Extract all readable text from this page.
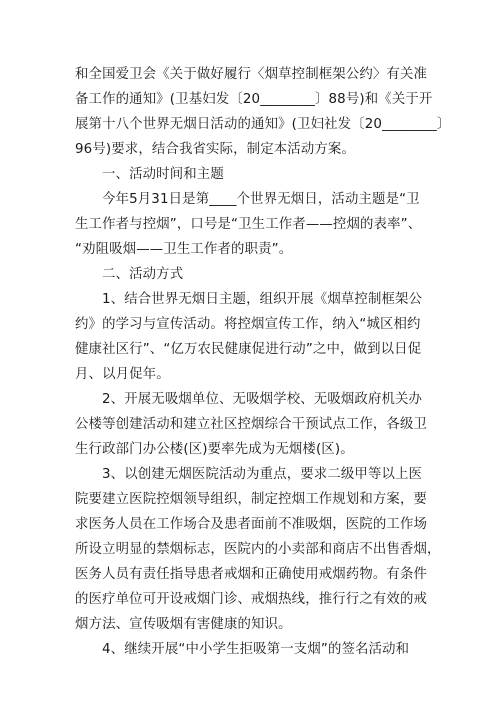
和全国爱卫会《关于做好履行〈烟草控制框架公约〉有关准
备工作的通知》(卫基妇发〔20________〕88号)和《关于开
展第十八个世界无烟日活动的通知》(卫妇社发〔20________〕
96号)要求，结合我省实际，制定本活动方案。
一、活动时间和主题
今年5月31日是第____个世界无烟日，活动主题是“卫
生工作者与控烟”，口号是“卫生工作者——控烟的表率”、
“劝阻吸烟——卫生工作者的职责”。
二、活动方式
1、结合世界无烟日主题，组织开展《烟草控制框架公
约》的学习与宣传活动。将控烟宣传工作，纳入“城区相约
健康社区行”、“亿万农民健康促进行动”之中，做到以日促
月、以月促年。
2、开展无吸烟单位、无吸烟学校、无吸烟政府机关办
公楼等创建活动和建立社区控烟综合干预试点工作，各级卫
生行政部门办公楼(区)要率先成为无烟楼(区)。
3、以创建无烟医院活动为重点，要求二级甲等以上医
院要建立医院控烟领导组织，制定控烟工作规划和方案，要
求医务人员在工作场合及患者面前不准吸烟，医院的工作场
所设立明显的禁烟标志，医院内的小卖部和商店不出售香烟，
医务人员有责任指导患者戒烟和正确使用戒烟药物。有条件
的医疗单位可开设戒烟门诊、戒烟热线，推行行之有效的戒
烟方法、宣传吸烟有害健康的知识。
4、继续开展“中小学生拒吸第一支烟”的签名活动和
